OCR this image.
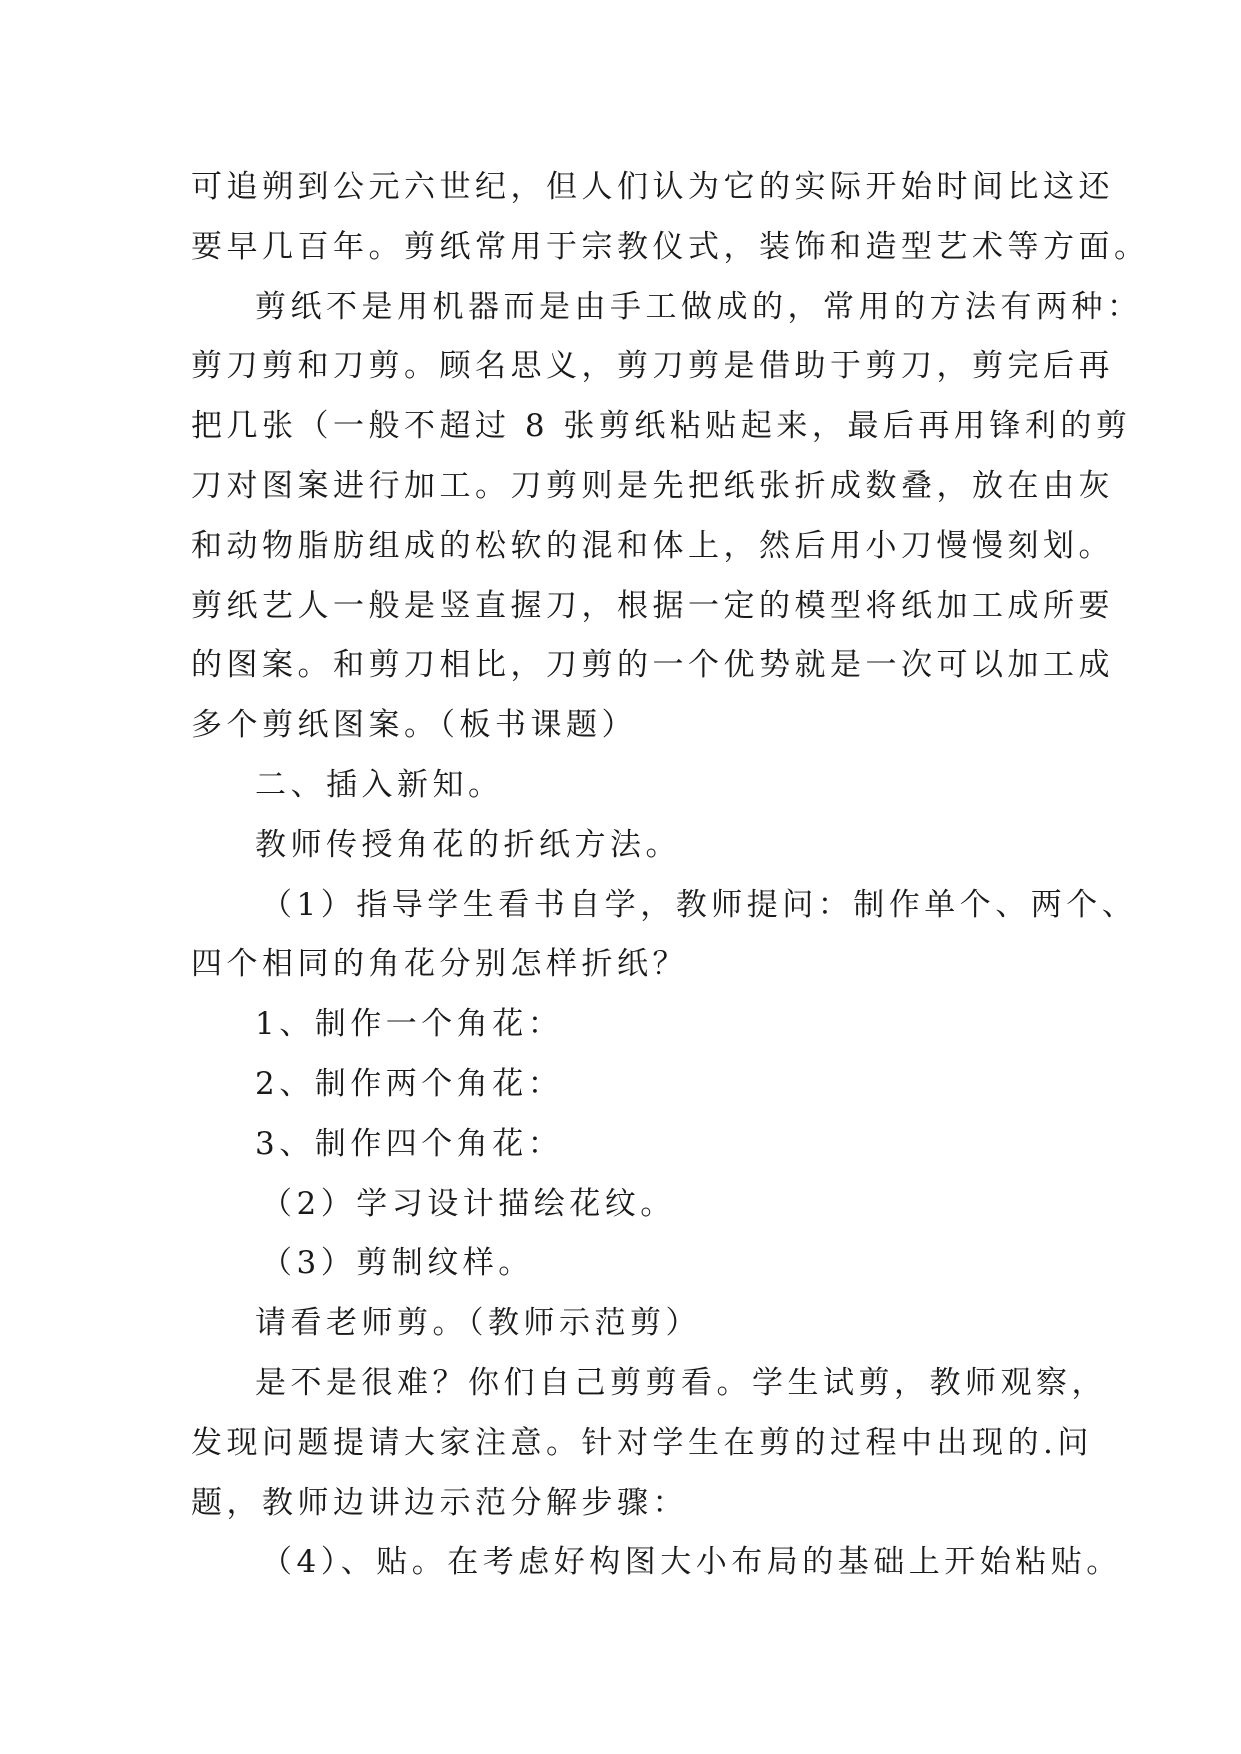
可追朔到公元六世纪，但人们认为它的实际开始时间比这还
要早几百年。剪纸常用于宗教仪式，装饰和造型艺术等方面。
剪纸不是用机器而是由手工做成的，常用的方法有两种：
剪刀剪和刀剪。顾名思义，剪刀剪是借助于剪刀，剪完后再
把几张（一般不超过 8 张剪纸粘贴起来，最后再用锋利的剪
刀对图案进行加工。刀剪则是先把纸张折成数叠，放在由灰
和动物脂肪组成的松软的混和体上，然后用小刀慢慢刻划。
剪纸艺人一般是竖直握刀，根据一定的模型将纸加工成所要
的图案。和剪刀相比，刀剪的一个优势就是一次可以加工成
多个剪纸图案。（板书课题）
二、插入新知。
教师传授角花的折纸方法。
（1）指导学生看书自学，教师提问：制作单个、两个、
四个相同的角花分别怎样折纸？
1、制作一个角花：
2、制作两个角花：
3、制作四个角花：
（2）学习设计描绘花纹。
（3）剪制纹样。
请看老师剪。（教师示范剪）
是不是很难？你们自己剪剪看。学生试剪，教师观察，
发现问题提请大家注意。针对学生在剪的过程中出现的.问
题，教师边讲边示范分解步骤：
（4）、贴。在考虑好构图大小布局的基础上开始粘贴。
